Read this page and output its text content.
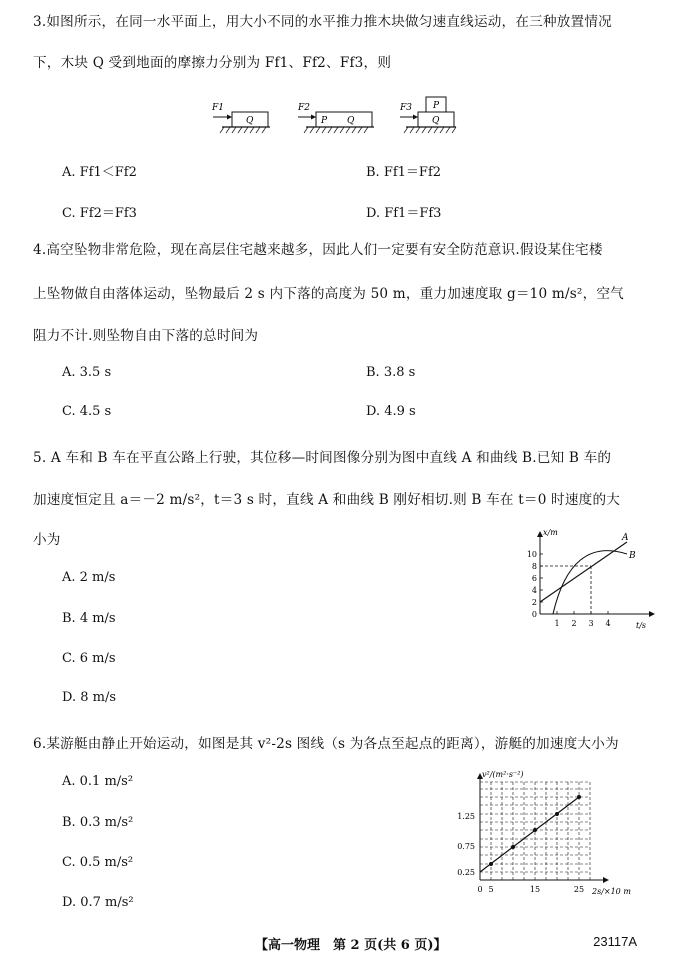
3.如图所示，在同一水平面上，用大小不同的水平推力推木块做匀速直线运动，在三种放置情况
下，木块 Q 受到地面的摩擦力分别为 Ff1、Ff2、Ff3，则
F1
Q
F2
P Q
F3 P
Q
A. Ff1＜Ff2	B. Ff1＝Ff2
C. Ff2＝Ff3	D. Ff1＝Ff3
4.高空坠物非常危险，现在高层住宅越来越多，因此人们一定要有安全防范意识.假设某住宅楼
上坠物做自由落体运动，坠物最后 2 s 内下落的高度为 50 m，重力加速度取 g＝10 m/s²，空气
阻力不计.则坠物自由下落的总时间为
A. 3.5 s	B. 3.8 s
C. 4.5 s	D. 4.9 s
5. A 车和 B 车在平直公路上行驶，其位移—时间图像分别为图中直线 A 和曲线 B.已知 B 车的
加速度恒定且 a＝－2 m/s²，t＝3 s 时，直线 A 和曲线 B 刚好相切.则 B 车在 t＝0 时速度的大
小为
A. 2 m/s
B. 4 m/s
C. 6 m/s
D. 8 m/s
x/m
t/s
A
B
10
8
6
4
2
0
1 2 3 4
6.某游艇由静止开始运动，如图是其 v²-2s 图线（s 为各点至起点的距离），游艇的加速度大小为
A. 0.1 m/s²
B. 0.3 m/s²
C. 0.5 m/s²
D. 0.7 m/s²
v²/(m²·s⁻²)
2s/×10 m
1.25
0.75
0.25
0 5	15	25
【高一物理　第 2 页(共 6 页)】	23117A
